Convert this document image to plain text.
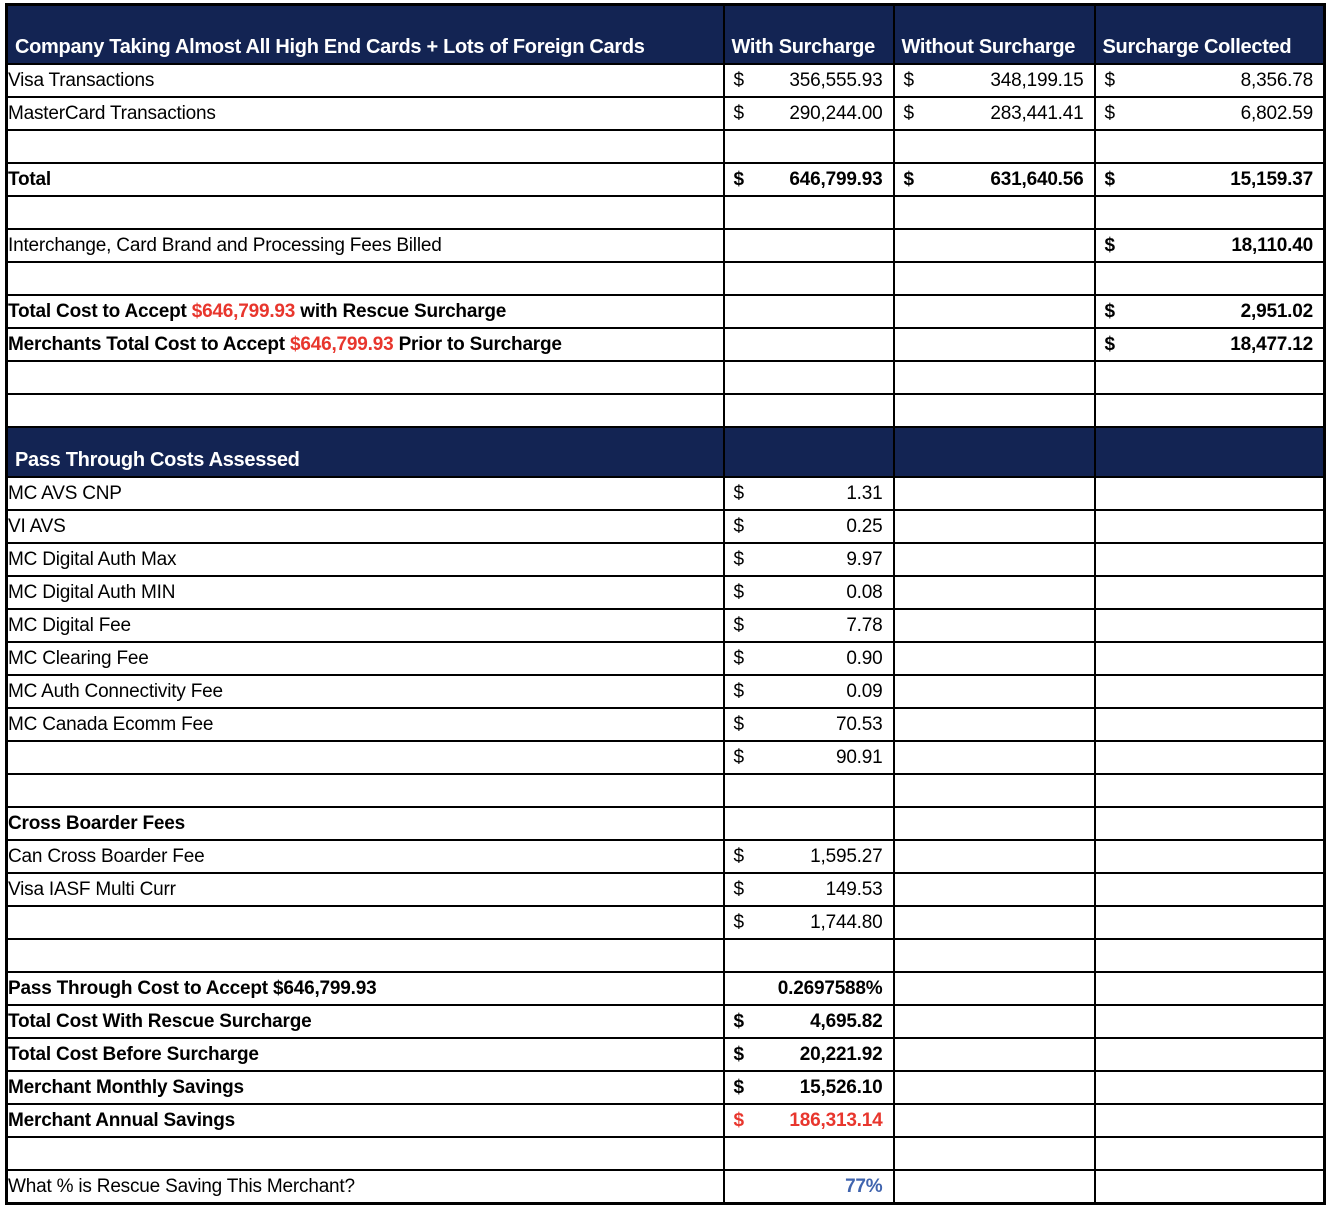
Company Taking Almost All High End Cards + Lots of Foreign Cards	With Surcharge	Without Surcharge	Surcharge Collected
Visa Transactions	$ 356,555.93	$ 348,199.15	$ 8,356.78

MasterCard Transactions	$ 290,244.00	$ 283,441.41	$ 6,802.59

Total	$ 646,799.93	$ 631,640.56	$ 15,159.37

Interchange, Card Brand and Processing Fees Billed			$ 18,110.40

Total Cost to Accept $646,799.93 with Rescue Surcharge			$ 2,951.02

Merchants Total Cost to Accept $646,799.93 Prior to Surcharge			$ 18,477.12

Pass Through Costs Assessed			
MC AVS CNP	$ 1.31		

VI AVS	$ 0.25		

MC Digital Auth Max	$ 9.97		

MC Digital Auth MIN	$ 0.08		

MC Digital Fee	$ 7.78		

MC Clearing Fee	$ 0.90		

MC Auth Connectivity Fee	$ 0.09		

MC Canada Ecomm Fee	$ 70.53		

	$ 90.91		

Cross Boarder Fees			
Can Cross Boarder Fee	$ 1,595.27		

Visa IASF Multi Curr	$ 149.53		

	$ 1,744.80		

Pass Through Cost to Accept $646,799.93	0.2697588%		

Total Cost With Rescue Surcharge	$ 4,695.82		

Total Cost Before Surcharge	$ 20,221.92		

Merchant Monthly Savings	$ 15,526.10		

Merchant Annual Savings	$ 186,313.14		

What % is Rescue Saving This Merchant?	77%		
